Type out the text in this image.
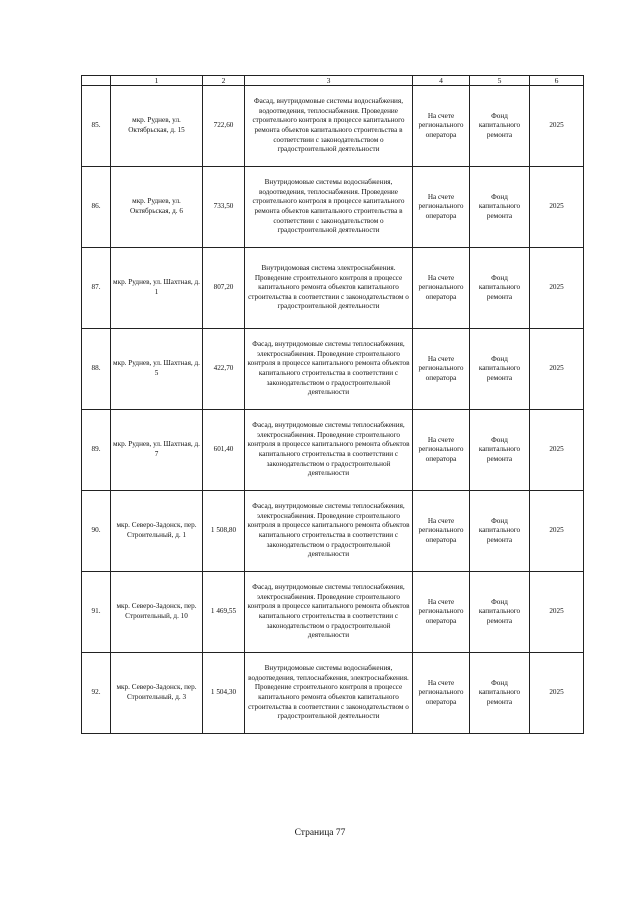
	1	2	3	4	5	6
85.	мкр. Руднев, ул. Октябрьская, д. 15	722,60	Фасад, внутридомовые системы водоснабжения, водоотведения, теплоснабжения. Проведение строительного контроля в процессе капитального ремонта объектов капитального строительства в соответствии с законодательством о градостроительной деятельности	На счете регионального оператора	Фонд капитального ремонта	2025
86.	мкр. Руднев, ул. Октябрьская, д. 6	733,50	Внутридомовые системы водоснабжения, водоотведения, теплоснабжения. Проведение строительного контроля в процессе капитального ремонта объектов капитального строительства в соответствии с законодательством о градостроительной деятельности	На счете регионального оператора	Фонд капитального ремонта	2025
87.	мкр. Руднев, ул. Шахтная, д. 1	807,20	Внутридомовая система электроснабжения. Проведение строительного контроля в процессе капитального ремонта объектов капитального строительства в соответствии с законодательством о градостроительной деятельности	На счете регионального оператора	Фонд капитального ремонта	2025
88.	мкр. Руднев, ул. Шахтная, д. 5	422,70	Фасад, внутридомовые системы теплоснабжения, электроснабжения. Проведение строительного контроля в процессе капитального ремонта объектов капитального строительства в соответствии с законодательством о градостроительной деятельности	На счете регионального оператора	Фонд капитального ремонта	2025
89.	мкр. Руднев, ул. Шахтная, д. 7	601,40	Фасад, внутридомовые системы теплоснабжения, электроснабжения. Проведение строительного контроля в процессе капитального ремонта объектов капитального строительства в соответствии с законодательством о градостроительной деятельности	На счете регионального оператора	Фонд капитального ремонта	2025
90.	мкр. Северо-Задонск, пер. Строительный, д. 1	1 508,80	Фасад, внутридомовые системы теплоснабжения, электроснабжения. Проведение строительного контроля в процессе капитального ремонта объектов капитального строительства в соответствии с законодательством о градостроительной деятельности	На счете регионального оператора	Фонд капитального ремонта	2025
91.	мкр. Северо-Задонск, пер. Строительный, д. 10	1 469,55	Фасад, внутридомовые системы теплоснабжения, электроснабжения. Проведение строительного контроля в процессе капитального ремонта объектов капитального строительства в соответствии с законодательством о градостроительной деятельности	На счете регионального оператора	Фонд капитального ремонта	2025
92.	мкр. Северо-Задонск, пер. Строительный, д. 3	1 504,30	Внутридомовые системы водоснабжения, водоотведения, теплоснабжения, электроснабжения. Проведение строительного контроля в процессе капитального ремонта объектов капитального строительства в соответствии с законодательством о градостроительной деятельности	На счете регионального оператора	Фонд капитального ремонта	2025
Страница 77
